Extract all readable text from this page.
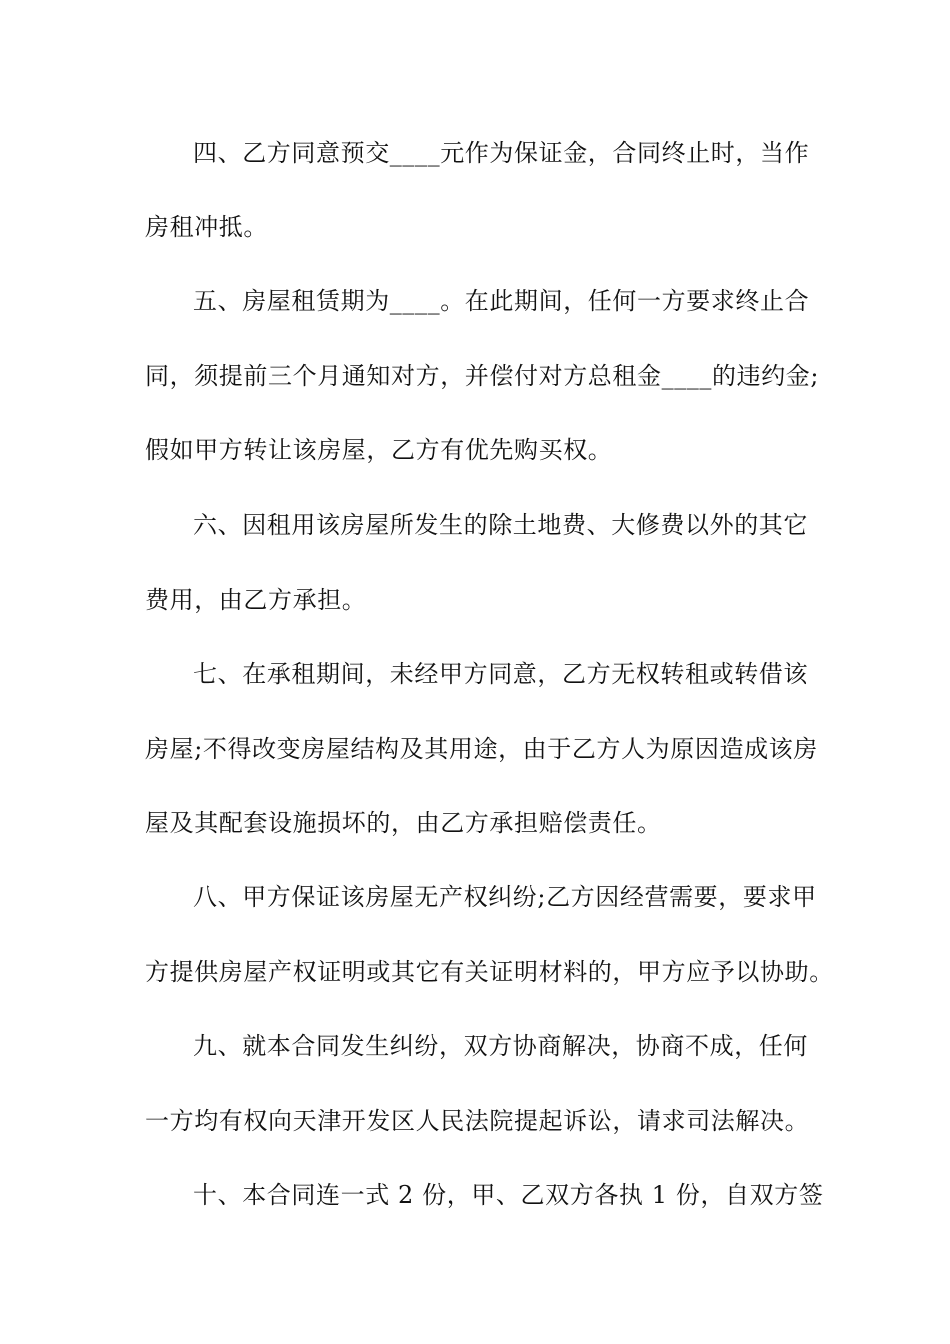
四、乙方同意预交____元作为保证金，合同终止时，当作
房租冲抵。
五、房屋租赁期为____。在此期间，任何一方要求终止合
同，须提前三个月通知对方，并偿付对方总租金____的违约金;
假如甲方转让该房屋，乙方有优先购买权。
六、因租用该房屋所发生的除土地费、大修费以外的其它
费用，由乙方承担。
七、在承租期间，未经甲方同意，乙方无权转租或转借该
房屋;不得改变房屋结构及其用途，由于乙方人为原因造成该房
屋及其配套设施损坏的，由乙方承担赔偿责任。
八、甲方保证该房屋无产权纠纷;乙方因经营需要，要求甲
方提供房屋产权证明或其它有关证明材料的，甲方应予以协助。
九、就本合同发生纠纷，双方协商解决，协商不成，任何
一方均有权向天津开发区人民法院提起诉讼，请求司法解决。
十、本合同连一式 2 份，甲、乙双方各执 1 份，自双方签
